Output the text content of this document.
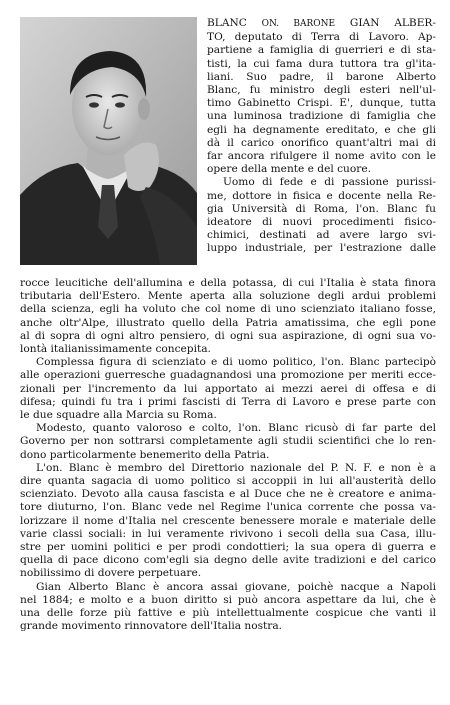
BLANC ON. BARONE GIAN ALBER-
TO, deputato di Terra di Lavoro. Ap-
partiene a famiglia di guerrieri e di sta-
tisti, la cui fama dura tuttora tra gl'ita-
liani. Suo padre, il barone Alberto
Blanc, fu ministro degli esteri nell'ul-
timo Gabinetto Crispi. E', dunque, tutta
una luminosa tradizione di famiglia che
egli ha degnamente ereditato, e che gli
dà il carico onorifico quant'altri mai di
far ancora rifulgere il nome avito con le
opere della mente e del cuore.
Uomo di fede e di passione purissi-
me, dottore in fisica e docente nella Re-
gia Università di Roma, l'on. Blanc fu
ideatore di nuovi procedimenti fisico-
chimici, destinati ad avere largo svi-
luppo industriale, per l'estrazione dalle
rocce leucitiche dell'allumina e della potassa, di cui l'Italia è stata finora
tributaria dell'Estero. Mente aperta alla soluzione degli ardui problemi
della scienza, egli ha voluto che col nome di uno scienziato italiano fosse,
anche oltr'Alpe, illustrato quello della Patria amatissima, che egli pone
al di sopra di ogni altro pensiero, di ogni sua aspirazione, di ogni sua vo-
lontà italianissimamente concepita.
Complessa figura di scienziato e di uomo politico, l'on. Blanc partecipò
alle operazioni guerresche guadagnandosi una promozione per meriti ecce-
zionali per l'incremento da lui apportato ai mezzi aerei di offesa e di
difesa; quindi fu tra i primi fascisti di Terra di Lavoro e prese parte con
le due squadre alla Marcia su Roma.
Modesto, quanto valoroso e colto, l'on. Blanc ricusò di far parte del
Governo per non sottrarsi completamente agli studii scientifici che lo ren-
dono particolarmente benemerito della Patria.
L'on. Blanc è membro del Direttorio nazionale del P. N. F. e non è a
dire quanta sagacia di uomo politico si accoppii in lui all'austerità dello
scienziato. Devoto alla causa fascista e al Duce che ne è creatore e anima-
tore diuturno, l'on. Blanc vede nel Regime l'unica corrente che possa va-
lorizzare il nome d'Italia nel crescente benessere morale e materiale delle
varie classi sociali: in lui veramente rivivono i secoli della sua Casa, illu-
stre per uomini politici e per prodi condottieri; la sua opera di guerra e
quella di pace dicono com'egli sia degno delle avite tradizioni e del carico
nobilissimo di dovere perpetuare.
Gian Alberto Blanc è ancora assai giovane, poichè nacque a Napoli
nel 1884; e molto e a buon diritto si può ancora aspettare da lui, che è
una delle forze più fattive e più intellettualmente cospicue che vanti il
grande movimento rinnovatore dell'Italia nostra.
